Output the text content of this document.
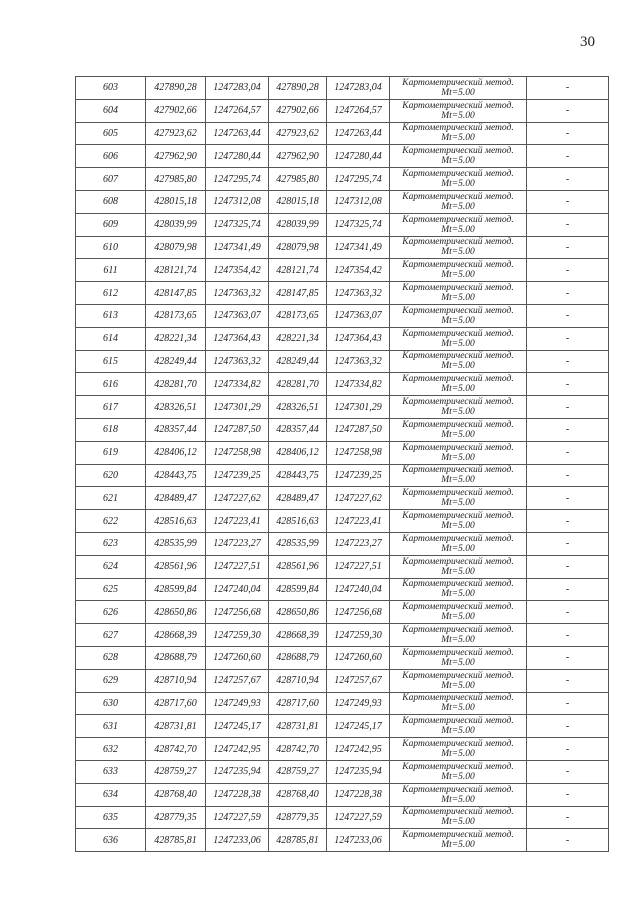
30
603	427890,28	1247283,04	427890,28	1247283,04	Картометрический метод.
Mt=5.00	-
604	427902,66	1247264,57	427902,66	1247264,57	Картометрический метод.
Mt=5.00	-
605	427923,62	1247263,44	427923,62	1247263,44	Картометрический метод.
Mt=5.00	-
606	427962,90	1247280,44	427962,90	1247280,44	Картометрический метод.
Mt=5.00	-
607	427985,80	1247295,74	427985,80	1247295,74	Картометрический метод.
Mt=5.00	-
608	428015,18	1247312,08	428015,18	1247312,08	Картометрический метод.
Mt=5.00	-
609	428039,99	1247325,74	428039,99	1247325,74	Картометрический метод.
Mt=5.00	-
610	428079,98	1247341,49	428079,98	1247341,49	Картометрический метод.
Mt=5.00	-
611	428121,74	1247354,42	428121,74	1247354,42	Картометрический метод.
Mt=5.00	-
612	428147,85	1247363,32	428147,85	1247363,32	Картометрический метод.
Mt=5.00	-
613	428173,65	1247363,07	428173,65	1247363,07	Картометрический метод.
Mt=5.00	-
614	428221,34	1247364,43	428221,34	1247364,43	Картометрический метод.
Mt=5.00	-
615	428249,44	1247363,32	428249,44	1247363,32	Картометрический метод.
Mt=5.00	-
616	428281,70	1247334,82	428281,70	1247334,82	Картометрический метод.
Mt=5.00	-
617	428326,51	1247301,29	428326,51	1247301,29	Картометрический метод.
Mt=5.00	-
618	428357,44	1247287,50	428357,44	1247287,50	Картометрический метод.
Mt=5.00	-
619	428406,12	1247258,98	428406,12	1247258,98	Картометрический метод.
Mt=5.00	-
620	428443,75	1247239,25	428443,75	1247239,25	Картометрический метод.
Mt=5.00	-
621	428489,47	1247227,62	428489,47	1247227,62	Картометрический метод.
Mt=5.00	-
622	428516,63	1247223,41	428516,63	1247223,41	Картометрический метод.
Mt=5.00	-
623	428535,99	1247223,27	428535,99	1247223,27	Картометрический метод.
Mt=5.00	-
624	428561,96	1247227,51	428561,96	1247227,51	Картометрический метод.
Mt=5.00	-
625	428599,84	1247240,04	428599,84	1247240,04	Картометрический метод.
Mt=5.00	-
626	428650,86	1247256,68	428650,86	1247256,68	Картометрический метод.
Mt=5.00	-
627	428668,39	1247259,30	428668,39	1247259,30	Картометрический метод.
Mt=5.00	-
628	428688,79	1247260,60	428688,79	1247260,60	Картометрический метод.
Mt=5.00	-
629	428710,94	1247257,67	428710,94	1247257,67	Картометрический метод.
Mt=5.00	-
630	428717,60	1247249,93	428717,60	1247249,93	Картометрический метод.
Mt=5.00	-
631	428731,81	1247245,17	428731,81	1247245,17	Картометрический метод.
Mt=5.00	-
632	428742,70	1247242,95	428742,70	1247242,95	Картометрический метод.
Mt=5.00	-
633	428759,27	1247235,94	428759,27	1247235,94	Картометрический метод.
Mt=5.00	-
634	428768,40	1247228,38	428768,40	1247228,38	Картометрический метод.
Mt=5.00	-
635	428779,35	1247227,59	428779,35	1247227,59	Картометрический метод.
Mt=5.00	-
636	428785,81	1247233,06	428785,81	1247233,06	Картометрический метод.
Mt=5.00	-
